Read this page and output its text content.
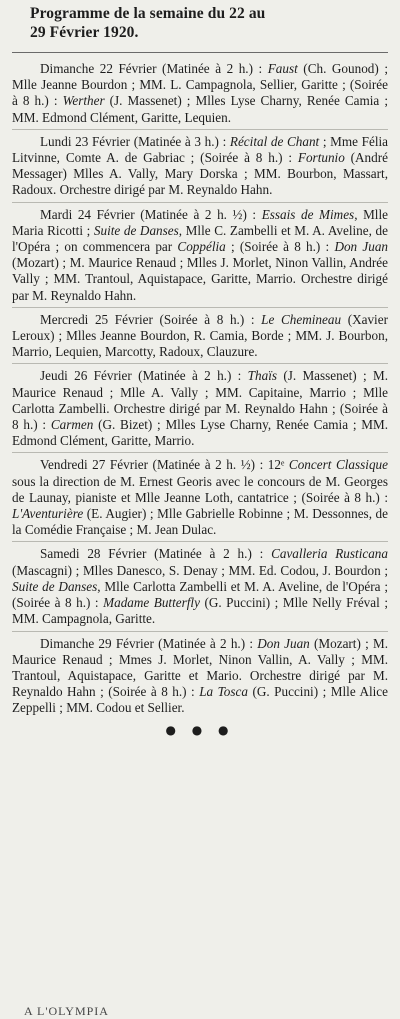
Programme de la semaine du 22 au
29 Février 1920.

Dimanche 22 Février (Matinée à 2 h.) : Faust (Ch. Gounod) ; Mlle Jeanne Bourdon ; MM. L. Campagnola, Sellier, Garitte ; (Soirée à 8 h.) : Werther (J. Massenet) ; Mlles Lyse Charny, Renée Camia ; MM. Edmond Clément, Garitte, Lequien.

Lundi 23 Février (Matinée à 3 h.) : Récital de Chant ; Mme Félia Litvinne, Comte A. de Gabriac ; (Soirée à 8 h.) : Fortunio (André Messager) Mlles A. Vally, Mary Dorska ; MM. Bourbon, Massart, Radoux. Orchestre dirigé par M. Reynaldo Hahn.

Mardi 24 Février (Matinée à 2 h. ½) : Essais de Mimes, Mlle Maria Ricotti ; Suite de Danses, Mlle C. Zambelli et M. A. Aveline, de l'Opéra ; on commencera par Coppélia ; (Soirée à 8 h.) : Don Juan (Mozart) ; M. Maurice Renaud ; Mlles J. Morlet, Ninon Vallin, Andrée Vally ; MM. Trantoul, Aquistapace, Garitte, Marrio. Orchestre dirigé par M. Reynaldo Hahn.

Mercredi 25 Février (Soirée à 8 h.) : Le Chemineau (Xavier Leroux) ; Mlles Jeanne Bourdon, R. Camia, Borde ; MM. J. Bourbon, Marrio, Lequien, Marcotty, Radoux, Clauzure.

Jeudi 26 Février (Matinée à 2 h.) : Thaïs (J. Massenet) ; M. Maurice Renaud ; Mlle A. Vally ; MM. Capitaine, Marrio ; Mlle Carlotta Zambelli. Orchestre dirigé par M. Reynaldo Hahn ; (Soirée à 8 h.) : Carmen (G. Bizet) ; Mlles Lyse Charny, Renée Camia ; MM. Edmond Clément, Garitte, Marrio.

Vendredi 27 Février (Matinée à 2 h. ½) : 12ᵉ Concert Classique sous la direction de M. Ernest Georis avec le concours de M. Georges de Launay, pianiste et Mlle Jeanne Loth, cantatrice ; (Soirée à 8 h.) : L'Aventurière (E. Augier) ; Mlle Gabrielle Robinne ; M. Dessonnes, de la Comédie Française ; M. Jean Dulac.

Samedi 28 Février (Matinée à 2 h.) : Cavalleria Rusticana (Mascagni) ; Mlles Danesco, S. Denay ; MM. Ed. Codou, J. Bourdon ; Suite de Danses, Mlle Carlotta Zambelli et M. A. Aveline, de l'Opéra ; (Soirée à 8 h.) : Madame Butterfly (G. Puccini) ; Mlle Nelly Fréval ; MM. Campagnola, Garitte.

Dimanche 29 Février (Matinée à 2 h.) : Don Juan (Mozart) ; M. Maurice Renaud ; Mmes J. Morlet, Ninon Vallin, A. Vally ; MM. Trantoul, Aquistapace, Garitte et Mario. Orchestre dirigé par M. Reynaldo Hahn ; (Soirée à 8 h.) : La Tosca (G. Puccini) ; Mlle Alice Zeppelli ; MM. Codou et Sellier.

● ● ●
A L'OLYMPIA
